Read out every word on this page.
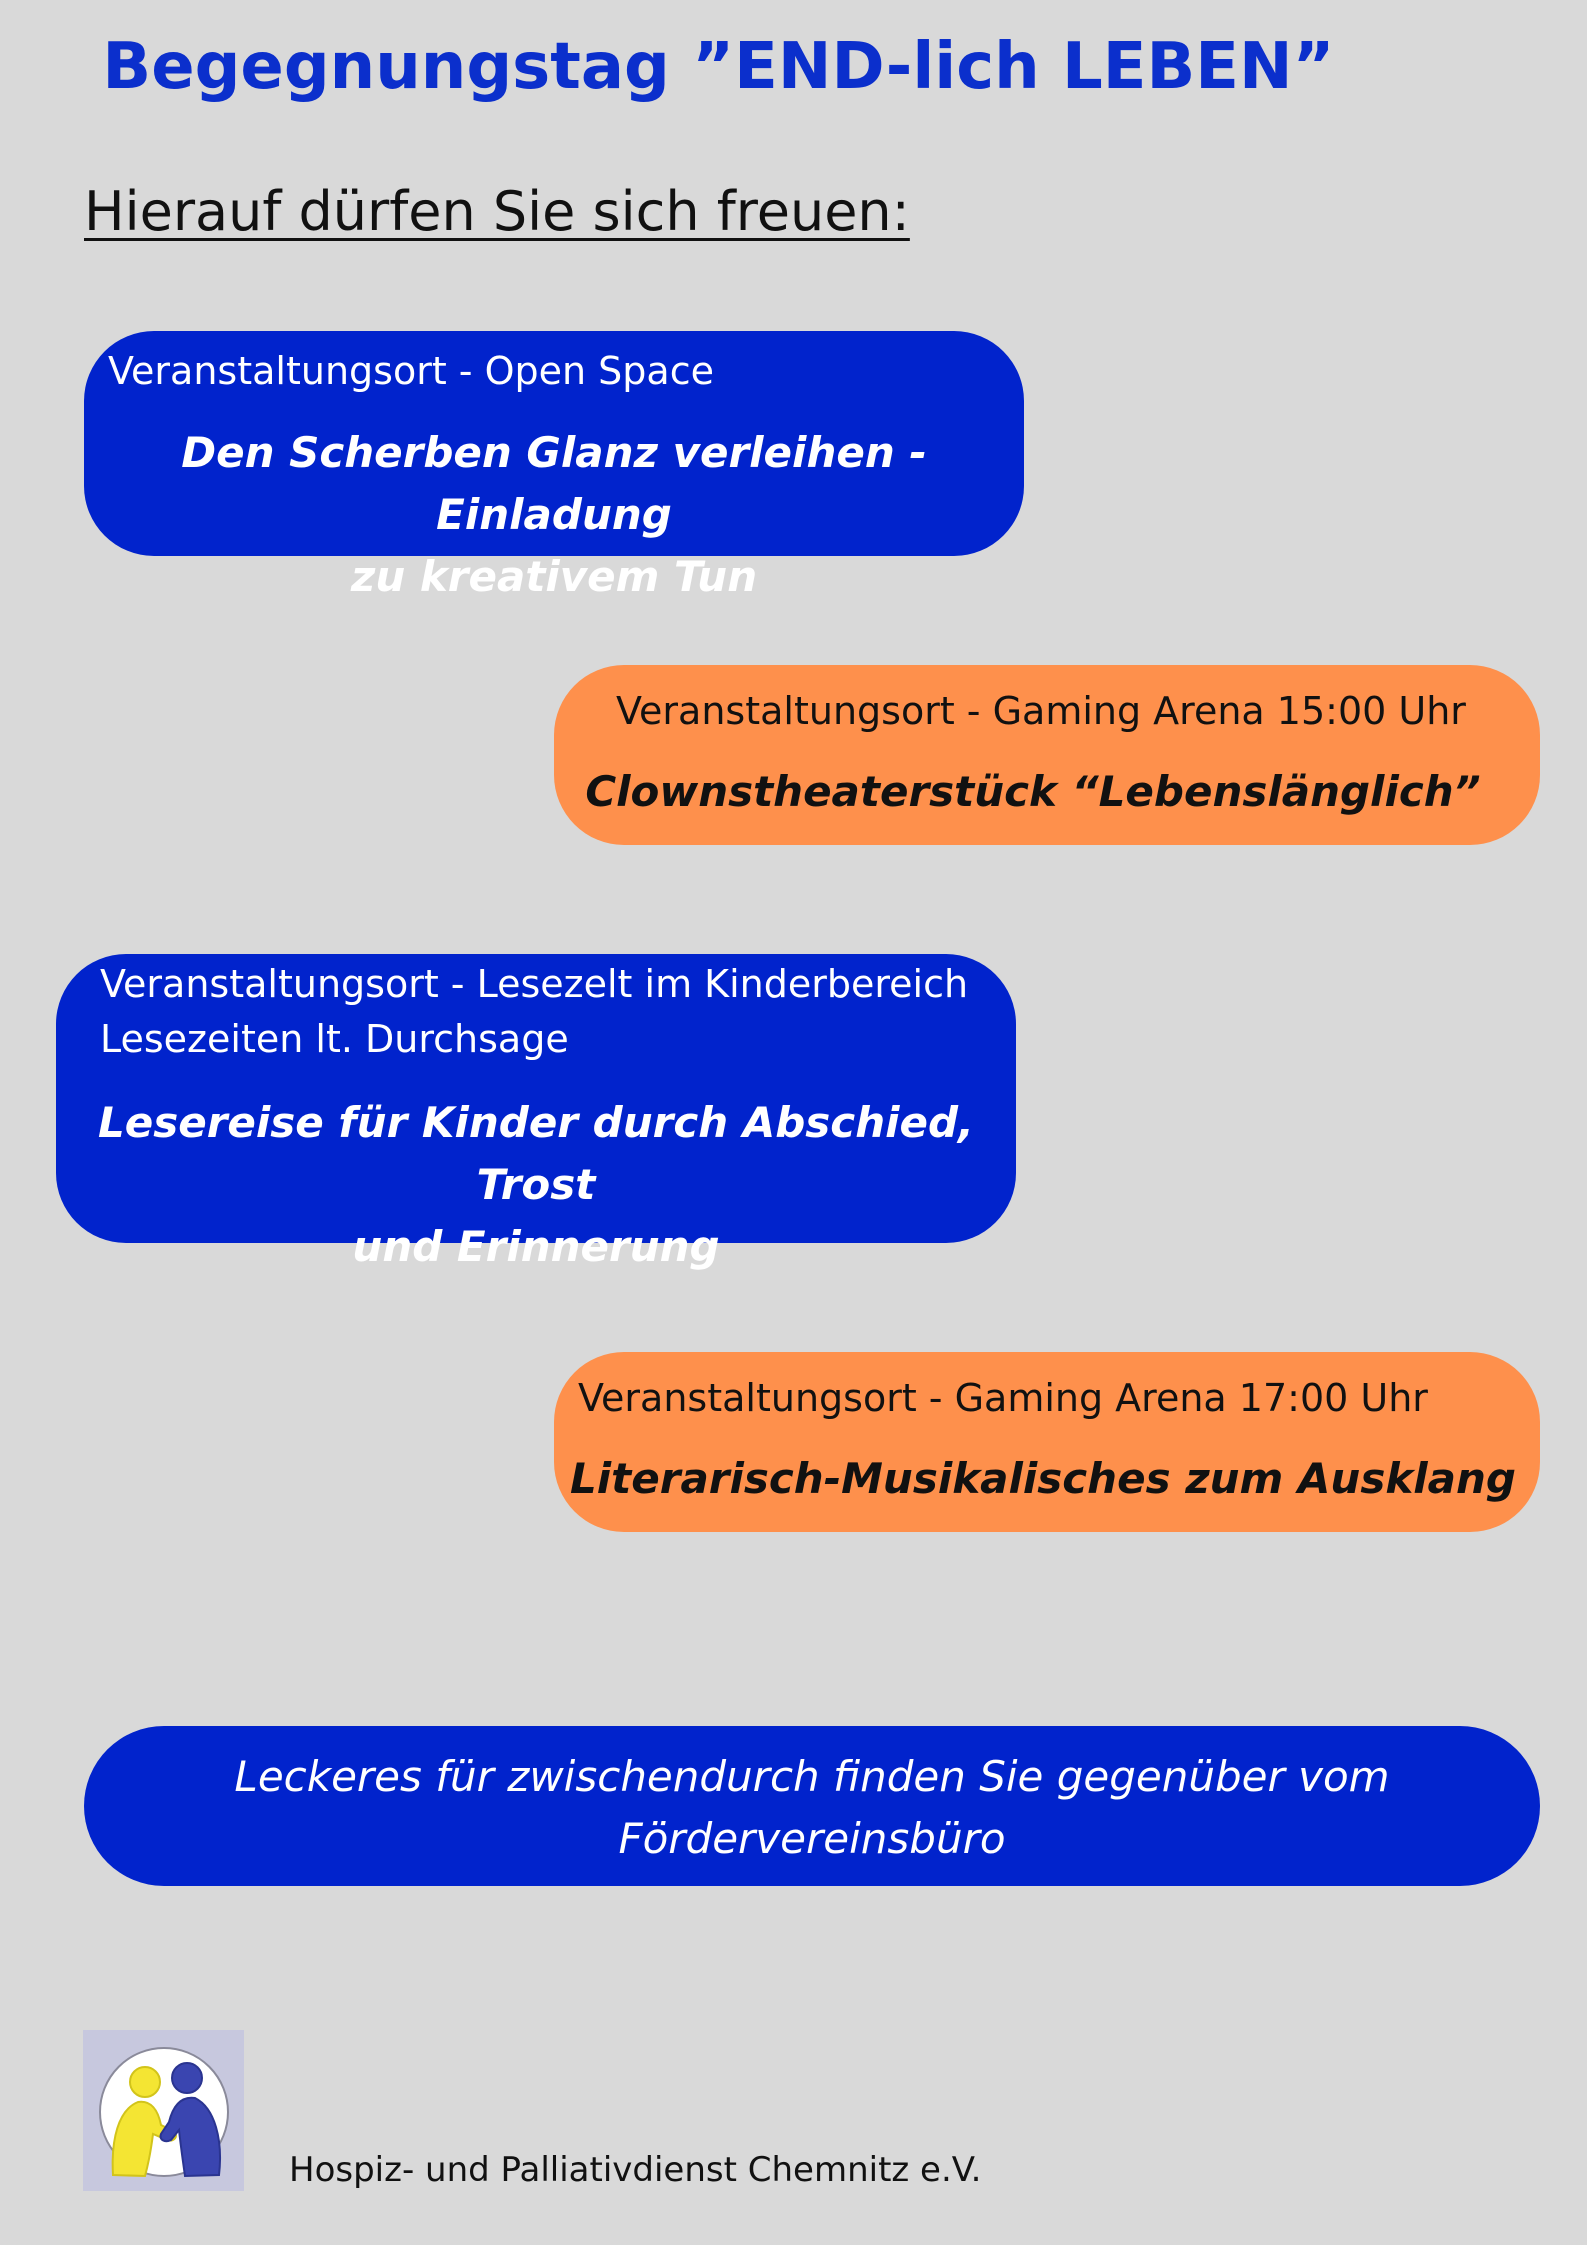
Begegnungstag ”END-lich LEBEN”
Hierauf dürfen Sie sich freuen:
Veranstaltungsort - Open Space
Den Scherben Glanz verleihen - Einladung
zu kreativem Tun
Veranstaltungsort - Gaming Arena 15:00 Uhr
Clownstheaterstück “Lebenslänglich”
Veranstaltungsort - Lesezelt im Kinderbereich
Lesezeiten lt. Durchsage
Lesereise für Kinder durch Abschied, Trost
und Erinnerung
Veranstaltungsort - Gaming Arena 17:00 Uhr
Literarisch-Musikalisches zum Ausklang
Leckeres für zwischendurch finden Sie gegenüber vom
Fördervereinsbüro
Hospiz- und Palliativdienst Chemnitz e.V.
